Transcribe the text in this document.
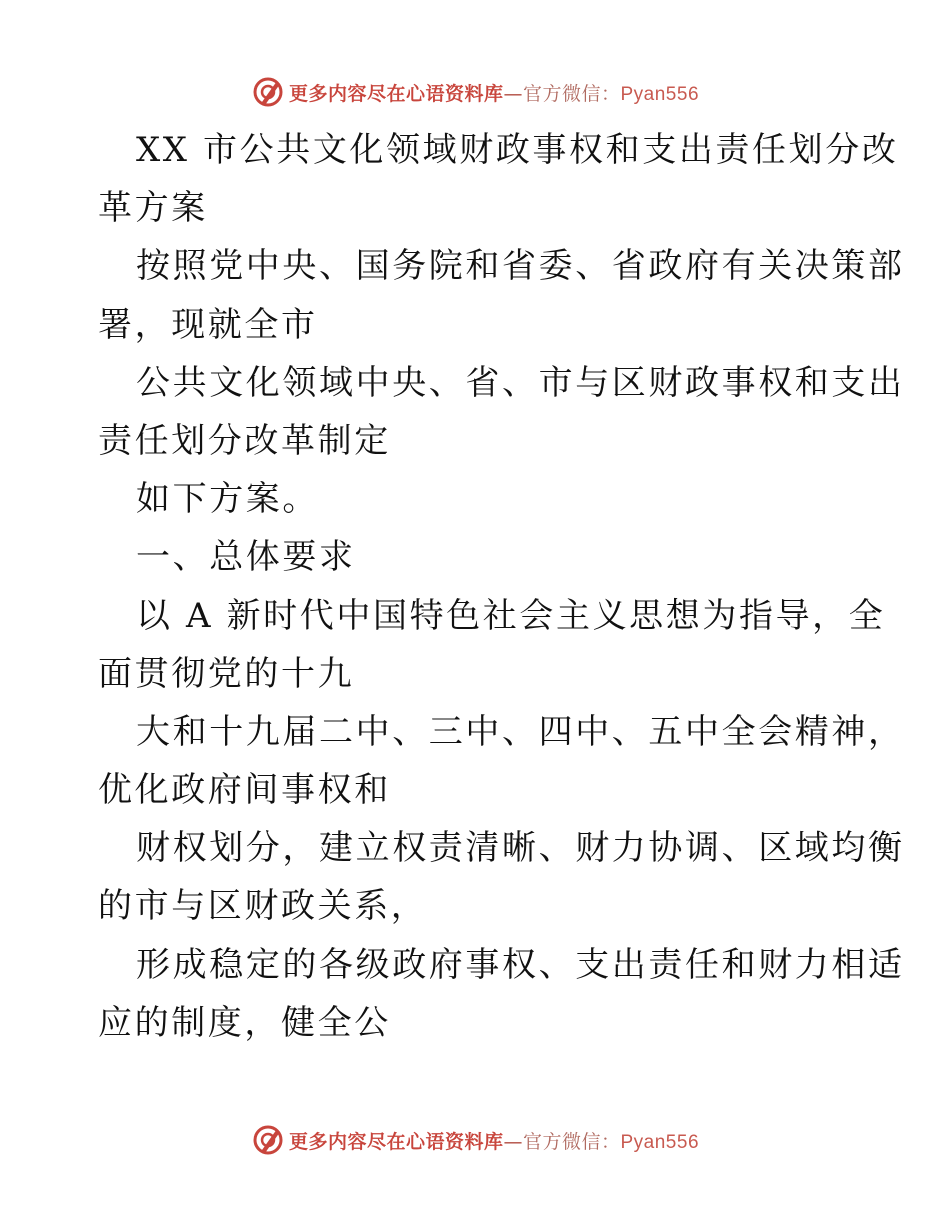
更多内容尽在心语资料库—官方微信：Pyan556
XX 市公共文化领域财政事权和支出责任划分改
革方案
按照党中央、国务院和省委、省政府有关决策部
署，现就全市
公共文化领域中央、省、市与区财政事权和支出
责任划分改革制定
如下方案。
一、总体要求
以 A 新时代中国特色社会主义思想为指导，全
面贯彻党的十九
大和十九届二中、三中、四中、五中全会精神，
优化政府间事权和
财权划分，建立权责清晰、财力协调、区域均衡
的市与区财政关系，
形成稳定的各级政府事权、支出责任和财力相适
应的制度，健全公
更多内容尽在心语资料库—官方微信：Pyan556
